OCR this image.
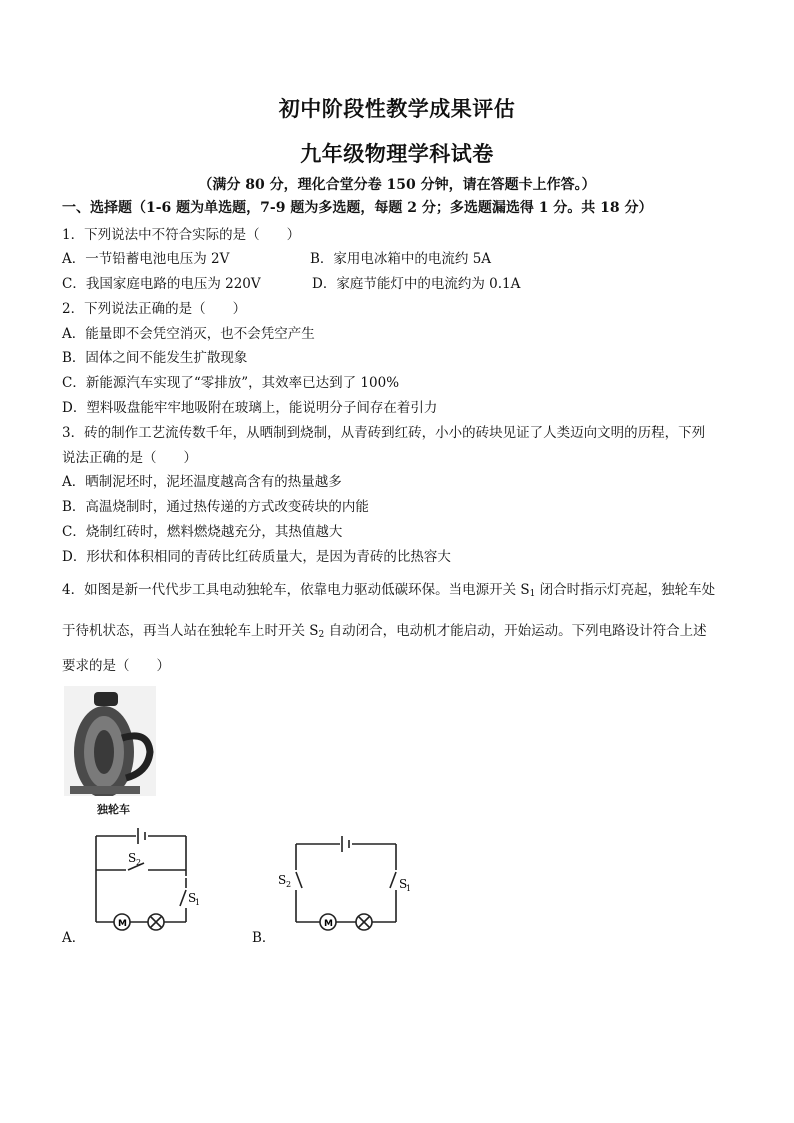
初中阶段性教学成果评估
九年级物理学科试卷
（满分 80 分，理化合堂分卷 150 分钟，请在答题卡上作答。）
一、选择题（1-6 题为单选题，7-9 题为多选题，每题 2 分；多选题漏选得 1 分。共 18 分）
1．下列说法中不符合实际的是（　　）
A．一节铅蓄电池电压为 2V	B．家用电冰箱中的电流约 5A
C．我国家庭电路的电压为 220V	D．家庭节能灯中的电流约为 0.1A
2．下列说法正确的是（　　）
A．能量即不会凭空消灭，也不会凭空产生
B．固体之间不能发生扩散现象
C．新能源汽车实现了“零排放”，其效率已达到了 100%
D．塑料吸盘能牢牢地吸附在玻璃上，能说明分子间存在着引力
3．砖的制作工艺流传数千年，从晒制到烧制，从青砖到红砖，小小的砖块见证了人类迈向文明的历程，下列
说法正确的是（　　）
A．晒制泥坯时，泥坯温度越高含有的热量越多
B．高温烧制时，通过热传递的方式改变砖块的内能
C．烧制红砖时，燃料燃烧越充分，其热值越大
D．形状和体积相同的青砖比红砖质量大，是因为青砖的比热容大
4．如图是新一代代步工具电动独轮车，依靠电力驱动低碳环保。当电源开关 $S_1$ 闭合时指示灯亮起，独轮车处
于待机状态，再当人站在独轮车上时开关 $S_2$ 自动闭合，电动机才能启动，开始运动。下列电路设计符合上述
要求的是（　　）
独轮车
S 2
S
1
M
A．
S 2	S
1
M
B．
